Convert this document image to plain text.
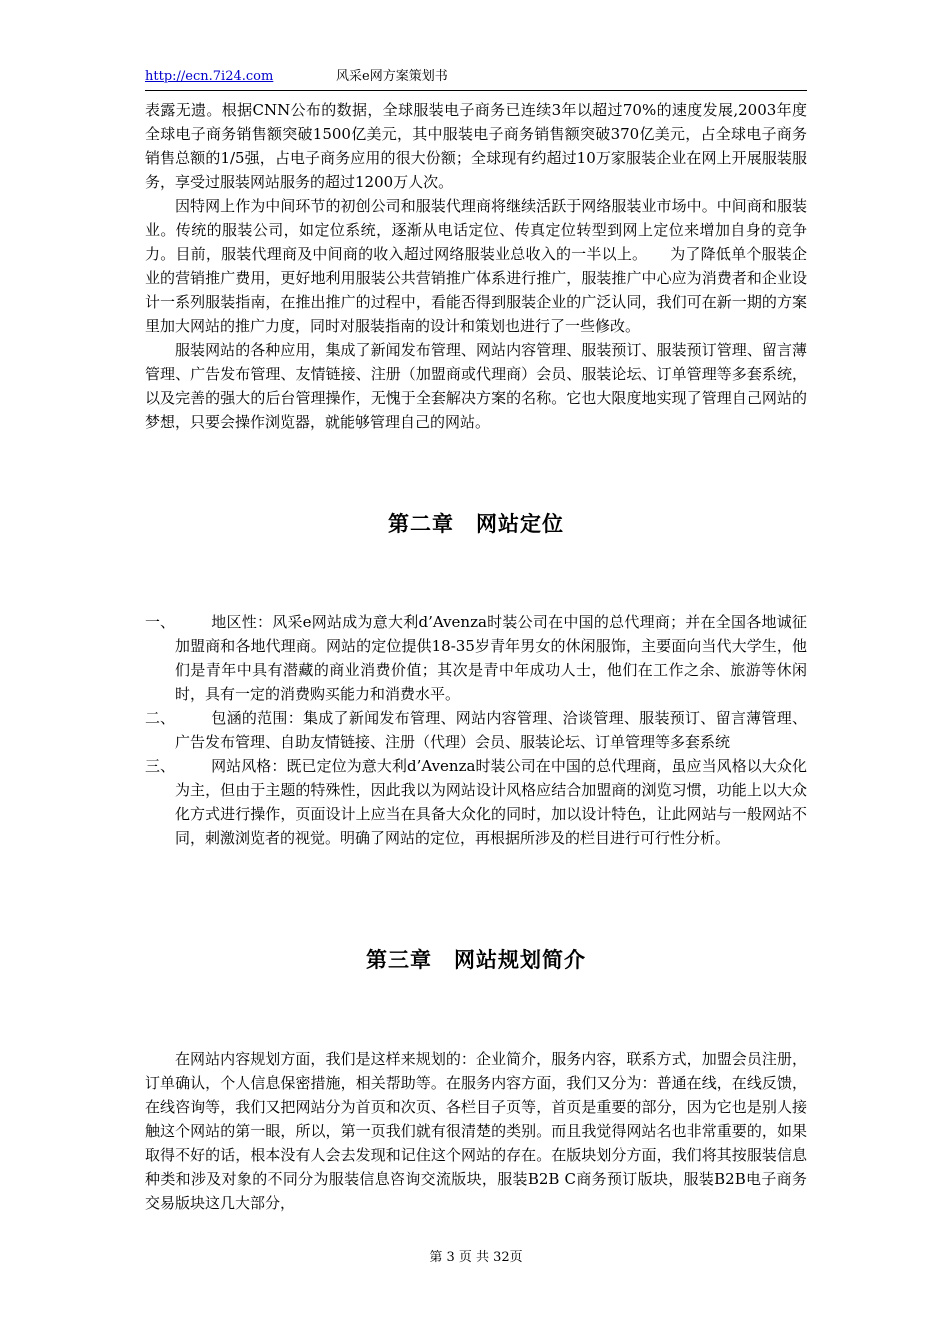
http://ecn.7i24.com	风采e网方案策划书

表露无遗。根据CNN公布的数据，全球服装电子商务已连续3年以超过70%的速度发展,2003年度全球电子商务销售额突破1500亿美元，其中服装电子商务销售额突破370亿美元，占全球电子商务销售总额的1/5强，占电子商务应用的很大份额；全球现有约超过10万家服装企业在网上开展服装服务，享受过服装网站服务的超过1200万人次。

因特网上作为中间环节的初创公司和服装代理商将继续活跃于网络服装业市场中。中间商和服装业。传统的服装公司，如定位系统，逐渐从电话定位、传真定位转型到网上定位来增加自身的竞争力。目前，服装代理商及中间商的收入超过网络服装业总收入的一半以上。　　为了降低单个服装企业的营销推广费用，更好地利用服装公共营销推广体系进行推广，服装推广中心应为消费者和企业设计一系列服装指南，在推出推广的过程中，看能否得到服装企业的广泛认同，我们可在新一期的方案里加大网站的推广力度，同时对服装指南的设计和策划也进行了一些修改。

服装网站的各种应用，集成了新闻发布管理、网站内容管理、服装预订、服装预订管理、留言薄管理、广告发布管理、友情链接、注册（加盟商或代理商）会员、服装论坛、订单管理等多套系统，以及完善的强大的后台管理操作，无愧于全套解决方案的名称。它也大限度地实现了管理自己网站的梦想，只要会操作浏览器，就能够管理自己的网站。

第二章　网站定位
一、 地区性：风采e网站成为意大利d’Avenza时装公司在中国的总代理商；并在全国各地诚征加盟商和各地代理商。网站的定位提供18-35岁青年男女的休闲服饰，主要面向当代大学生，他们是青年中具有潜藏的商业消费价值；其次是青中年成功人士，他们在工作之余、旅游等休闲时，具有一定的消费购买能力和消费水平。
二、 包涵的范围：集成了新闻发布管理、网站内容管理、洽谈管理、服装预订、留言薄管理、广告发布管理、自助友情链接、注册（代理）会员、服装论坛、订单管理等多套系统
三、 网站风格：既已定位为意大利d’Avenza时装公司在中国的总代理商，虽应当风格以大众化为主，但由于主题的特殊性，因此我以为网站设计风格应结合加盟商的浏览习惯，功能上以大众化方式进行操作，页面设计上应当在具备大众化的同时，加以设计特色，让此网站与一般网站不同，刺激浏览者的视觉。明确了网站的定位，再根据所涉及的栏目进行可行性分析。
第三章　网站规划简介

在网站内容规划方面，我们是这样来规划的：企业简介，服务内容，联系方式，加盟会员注册，订单确认，个人信息保密措施，相关帮助等。在服务内容方面，我们又分为：普通在线，在线反馈，在线咨询等，我们又把网站分为首页和次页、各栏目子页等，首页是重要的部分，因为它也是别人接触这个网站的第一眼，所以，第一页我们就有很清楚的类别。而且我觉得网站名也非常重要的，如果取得不好的话，根本没有人会去发现和记住这个网站的存在。在版块划分方面，我们将其按服装信息种类和涉及对象的不同分为服装信息咨询交流版块，服装B2B C商务预订版块，服装B2B电子商务交易版块这几大部分，

第 3 页 共 32页
